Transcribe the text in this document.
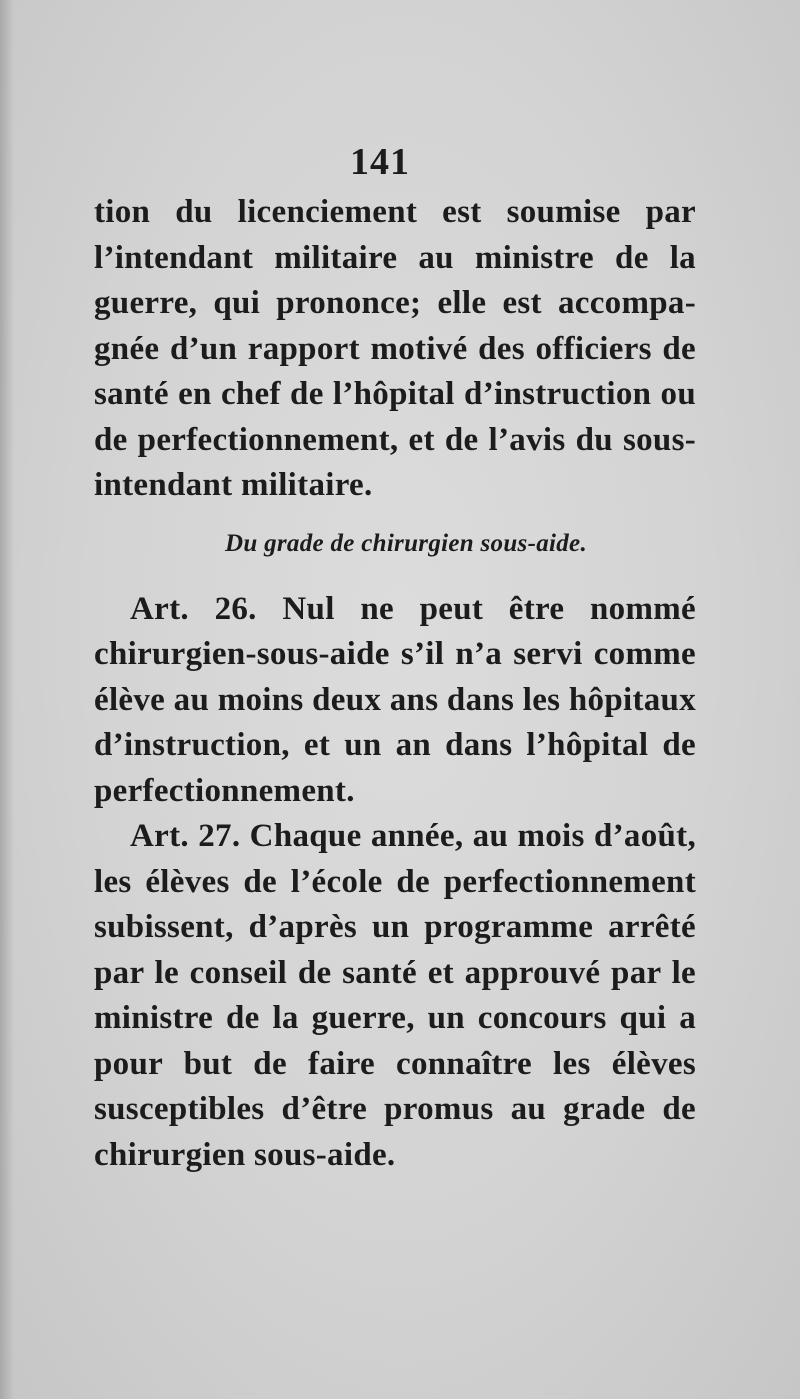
141
tion du licenciement est soumise par
l’intendant militaire au ministre de la
guerre, qui prononce; elle est accompa-
gnée d’un rapport motivé des officiers de
santé en chef de l’hôpital d’instruction ou
de perfectionnement, et de l’avis du sous-
intendant militaire.
Du grade de chirurgien sous-aide.
Art. 26. Nul ne peut être nommé
chirurgien-sous-aide s’il n’a servi comme
élève au moins deux ans dans les hôpitaux
d’instruction, et un an dans l’hôpital de
perfectionnement.
Art. 27. Chaque année, au mois d’août,
les élèves de l’école de perfectionnement
subissent, d’après un programme arrêté
par le conseil de santé et approuvé par le
ministre de la guerre, un concours qui a
pour but de faire connaître les élèves
susceptibles d’être promus au grade de
chirurgien sous-aide.
